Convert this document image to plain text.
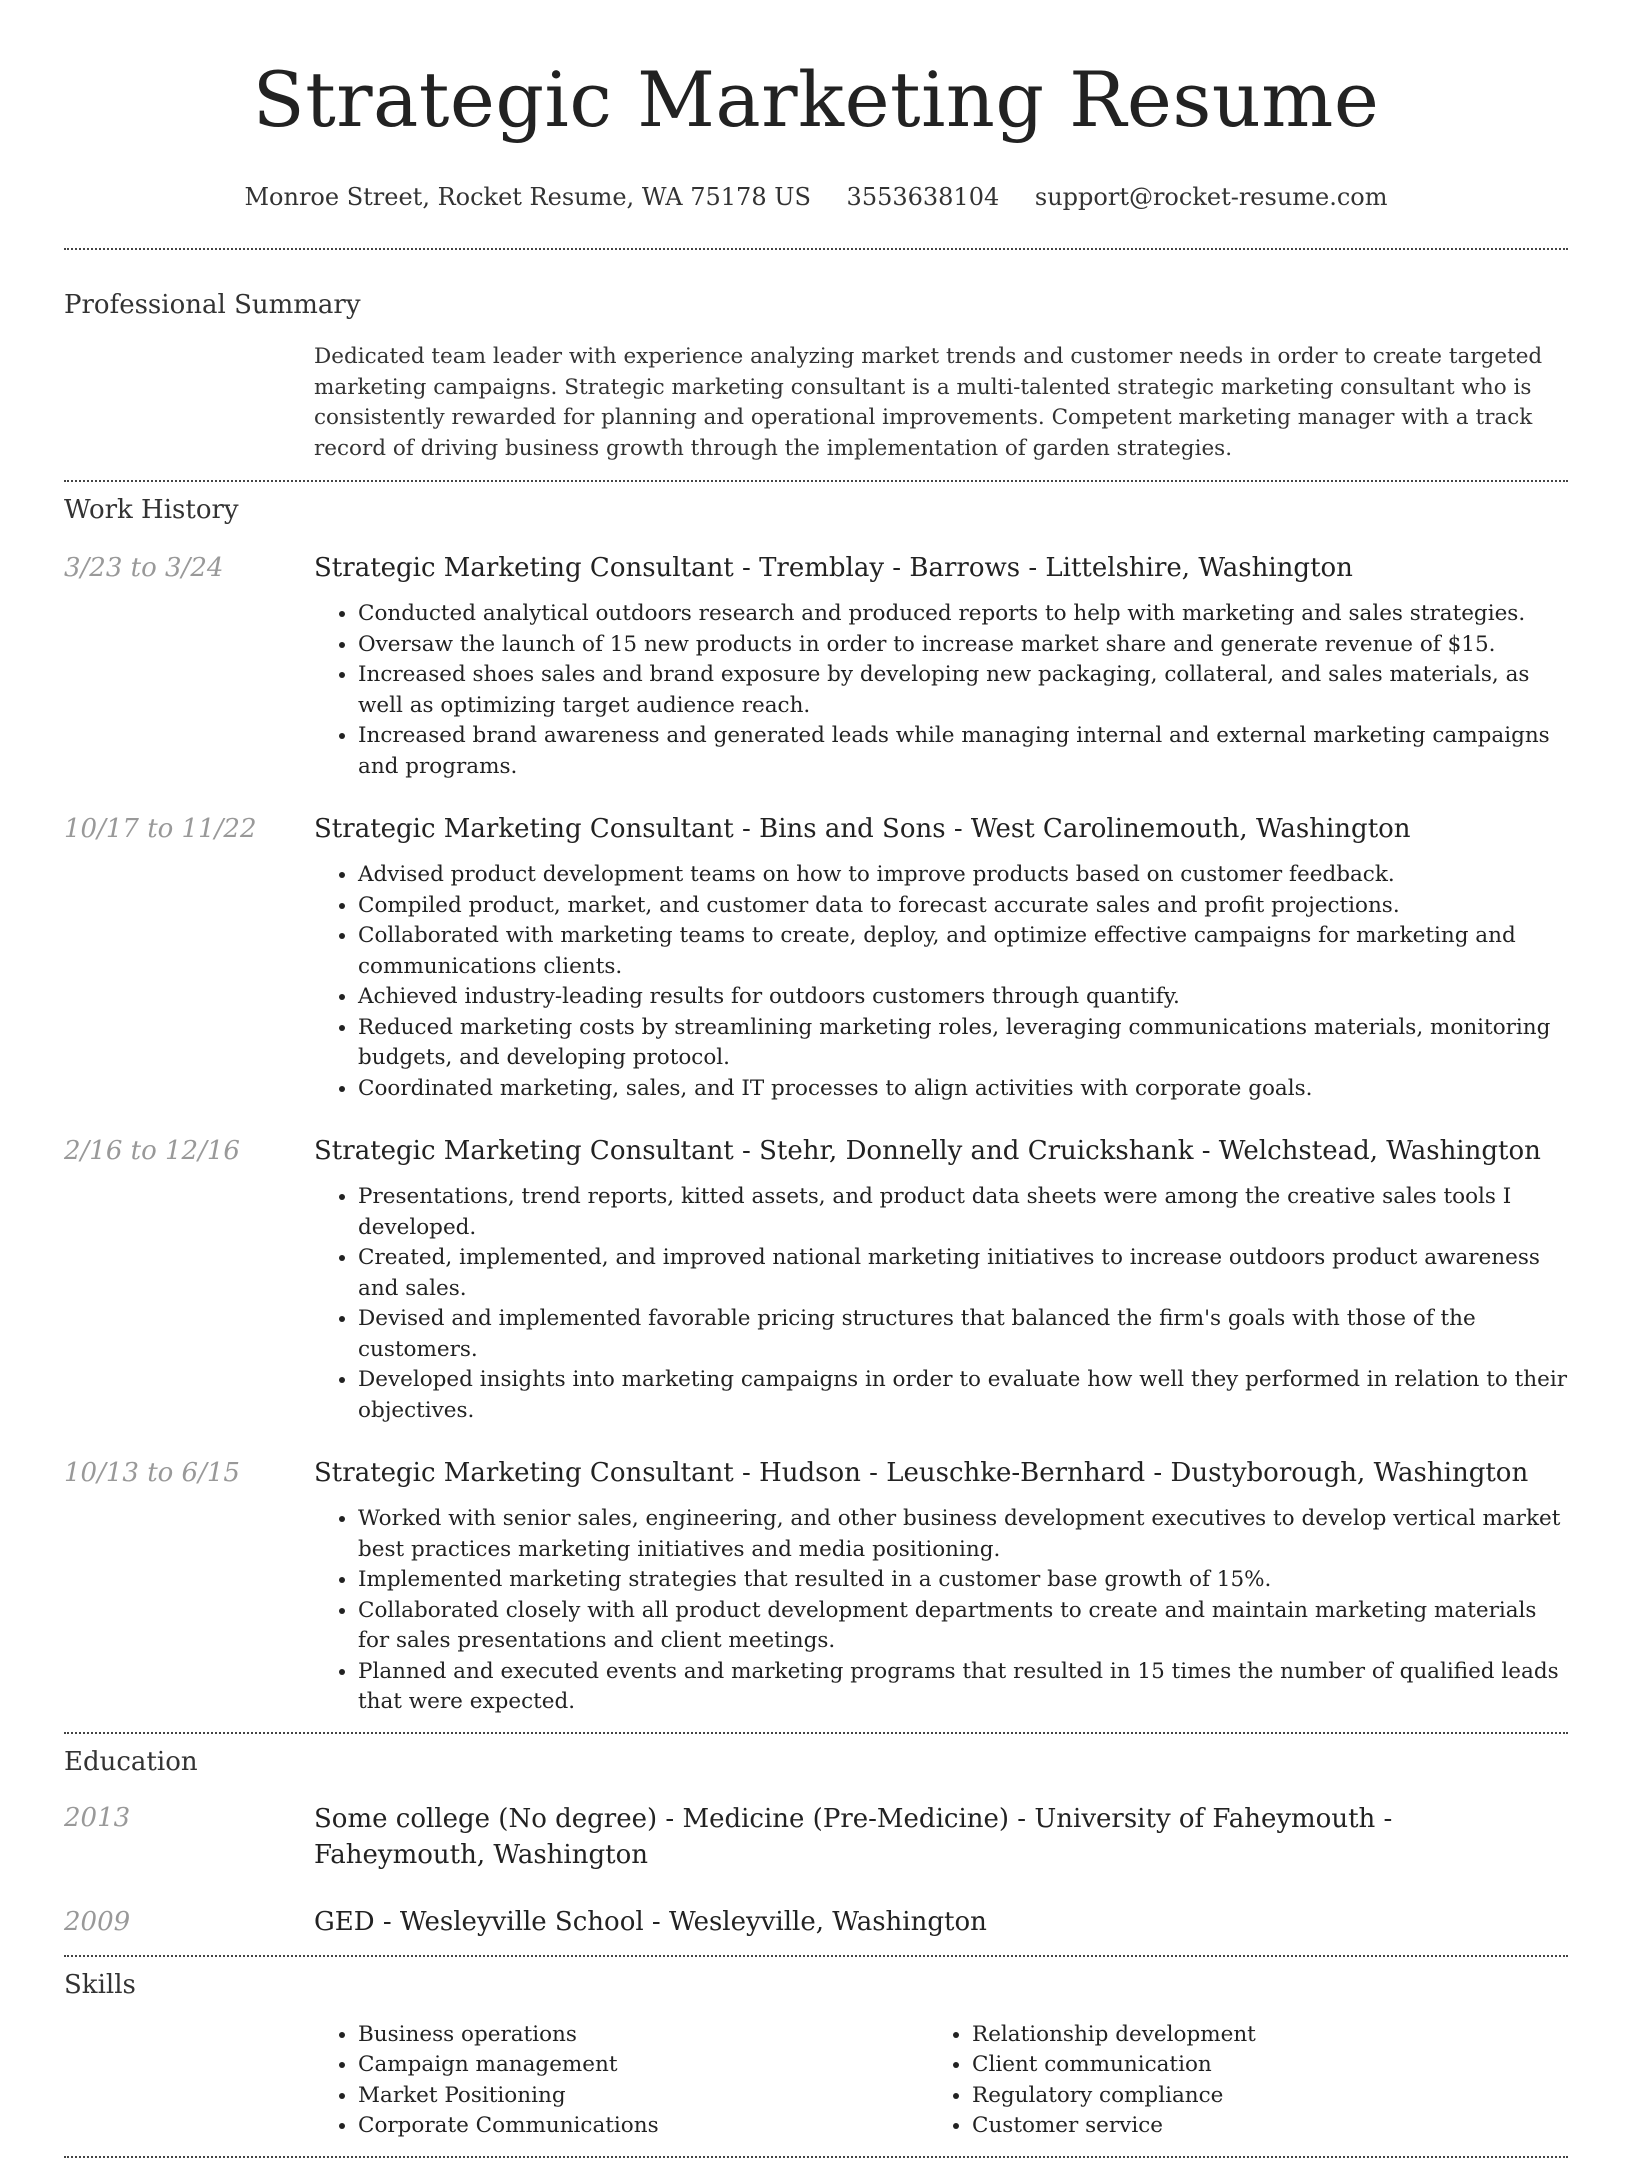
Strategic Marketing Resume
Monroe Street, Rocket Resume, WA 75178 US 3553638104 support@rocket-resume.com
Professional Summary
Dedicated team leader with experience analyzing market trends and customer needs in order to create targeted marketing campaigns. Strategic marketing consultant is a multi-talented strategic marketing consultant who is consistently rewarded for planning and operational improvements. Competent marketing manager with a track record of driving business growth through the implementation of garden strategies.
Work History
3/23 to 3/24	Strategic Marketing Consultant - Tremblay - Barrows - Littelshire, Washington
• Conducted analytical outdoors research and produced reports to help with marketing and sales strategies.
• Oversaw the launch of 15 new products in order to increase market share and generate revenue of $15.
• Increased shoes sales and brand exposure by developing new packaging, collateral, and sales materials, as well as optimizing target audience reach.
• Increased brand awareness and generated leads while managing internal and external marketing campaigns and programs.
10/17 to 11/22	Strategic Marketing Consultant - Bins and Sons - West Carolinemouth, Washington
• Advised product development teams on how to improve products based on customer feedback.
• Compiled product, market, and customer data to forecast accurate sales and profit projections.
• Collaborated with marketing teams to create, deploy, and optimize effective campaigns for marketing and communications clients.
• Achieved industry-leading results for outdoors customers through quantify.
• Reduced marketing costs by streamlining marketing roles, leveraging communications materials, monitoring budgets, and developing protocol.
• Coordinated marketing, sales, and IT processes to align activities with corporate goals.
2/16 to 12/16	Strategic Marketing Consultant - Stehr, Donnelly and Cruickshank - Welchstead, Washington
• Presentations, trend reports, kitted assets, and product data sheets were among the creative sales tools I developed.
• Created, implemented, and improved national marketing initiatives to increase outdoors product awareness and sales.
• Devised and implemented favorable pricing structures that balanced the firm's goals with those of the customers.
• Developed insights into marketing campaigns in order to evaluate how well they performed in relation to their objectives.
10/13 to 6/15	Strategic Marketing Consultant - Hudson - Leuschke-Bernhard - Dustyborough, Washington
• Worked with senior sales, engineering, and other business development executives to develop vertical market best practices marketing initiatives and media positioning.
• Implemented marketing strategies that resulted in a customer base growth of 15%.
• Collaborated closely with all product development departments to create and maintain marketing materials for sales presentations and client meetings.
• Planned and executed events and marketing programs that resulted in 15 times the number of qualified leads that were expected.
Education
2013	Some college (No degree) - Medicine (Pre-Medicine) - University of Faheymouth - Faheymouth, Washington
2009	GED - Wesleyville School - Wesleyville, Washington
Skills
• Business operations
• Campaign management
• Market Positioning
• Corporate Communications
• Relationship development
• Client communication
• Regulatory compliance
• Customer service
